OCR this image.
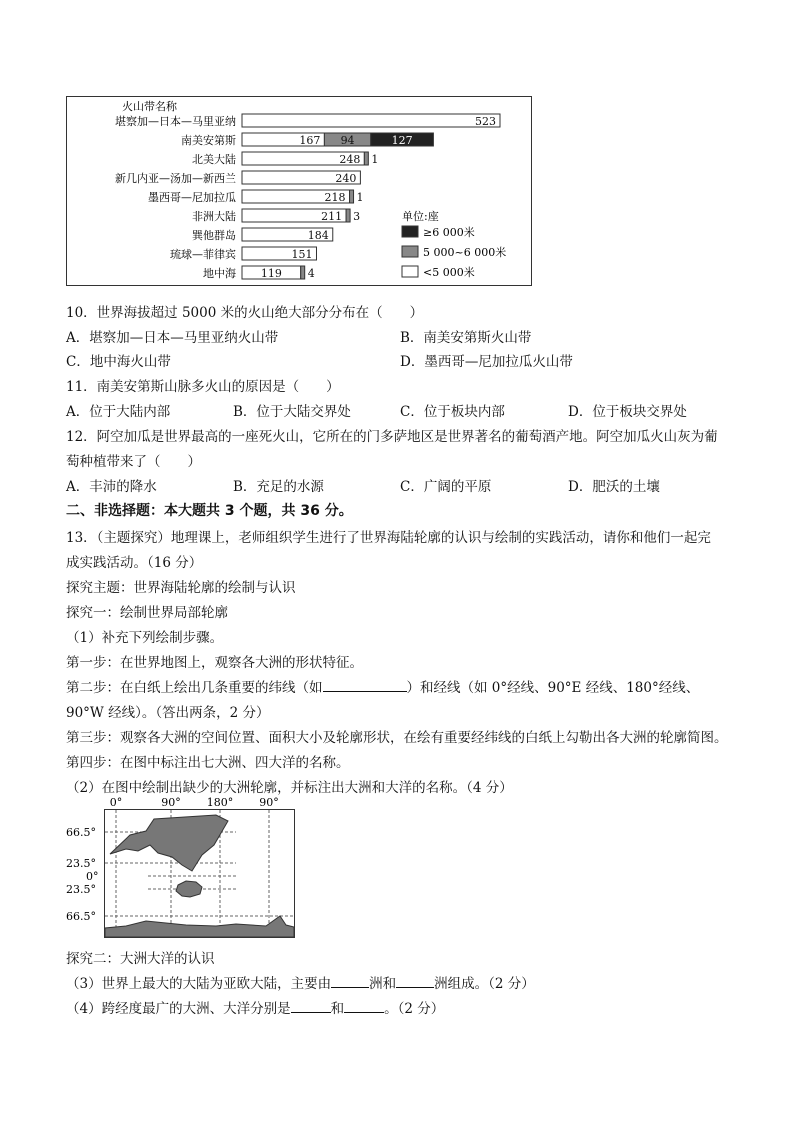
火山带名称
堪察加—日本—马里亚纳	523
南美安第斯	167 94	127
北美大陆	248 1
新几内亚—汤加—新西兰	240
墨西哥—尼加拉瓜	218 1
非洲大陆	211 3
巽他群岛	184
琉球—菲律宾	151
地中海 119 4
单位:座
≥6 000米
5 000~6 000米
<5 000米
10．世界海拔超过 5000 米的火山绝大部分分布在（　　）
A．堪察加—日本—马里亚纳火山带	B．南美安第斯火山带
C．地中海火山带	D．墨西哥—尼加拉瓜火山带
11．南美安第斯山脉多火山的原因是（　　）
A．位于大陆内部	B．位于大陆交界处	C．位于板块内部	D．位于板块交界处
12．阿空加瓜是世界最高的一座死火山，它所在的门多萨地区是世界著名的葡萄酒产地。阿空加瓜火山灰为葡
萄种植带来了（　　）
A．丰沛的降水	B．充足的水源	C．广阔的平原	D．肥沃的土壤
二、非选择题：本大题共 3 个题，共 36 分。
13．（主题探究）地理课上，老师组织学生进行了世界海陆轮廓的认识与绘制的实践活动，请你和他们一起完
成实践活动。（16 分）
探究主题：世界海陆轮廓的绘制与认识
探究一：绘制世界局部轮廓
（1）补充下列绘制步骤。
第一步：在世界地图上，观察各大洲的形状特征。
第二步：在白纸上绘出几条重要的纬线（如	）和经线（如 0°经线、90°E 经线、180°经线、
90°W 经线）。（答出两条，2 分）
第三步：观察各大洲的空间位置、面积大小及轮廓形状，在绘有重要经纬线的白纸上勾勒出各大洲的轮廓简图。
第四步：在图中标注出七大洲、四大洋的名称。
（2）在图中绘制出缺少的大洲轮廓，并标注出大洲和大洋的名称。（4 分）
0°	90° 180° 90°
66.5°
23.5°
0°
23.5°
66.5°
探究二：大洲大洋的认识
（3）世界上最大的大陆为亚欧大陆，主要由	洲和	洲组成。（2 分）
（4）跨经度最广的大洲、大洋分别是	和	。（2 分）
